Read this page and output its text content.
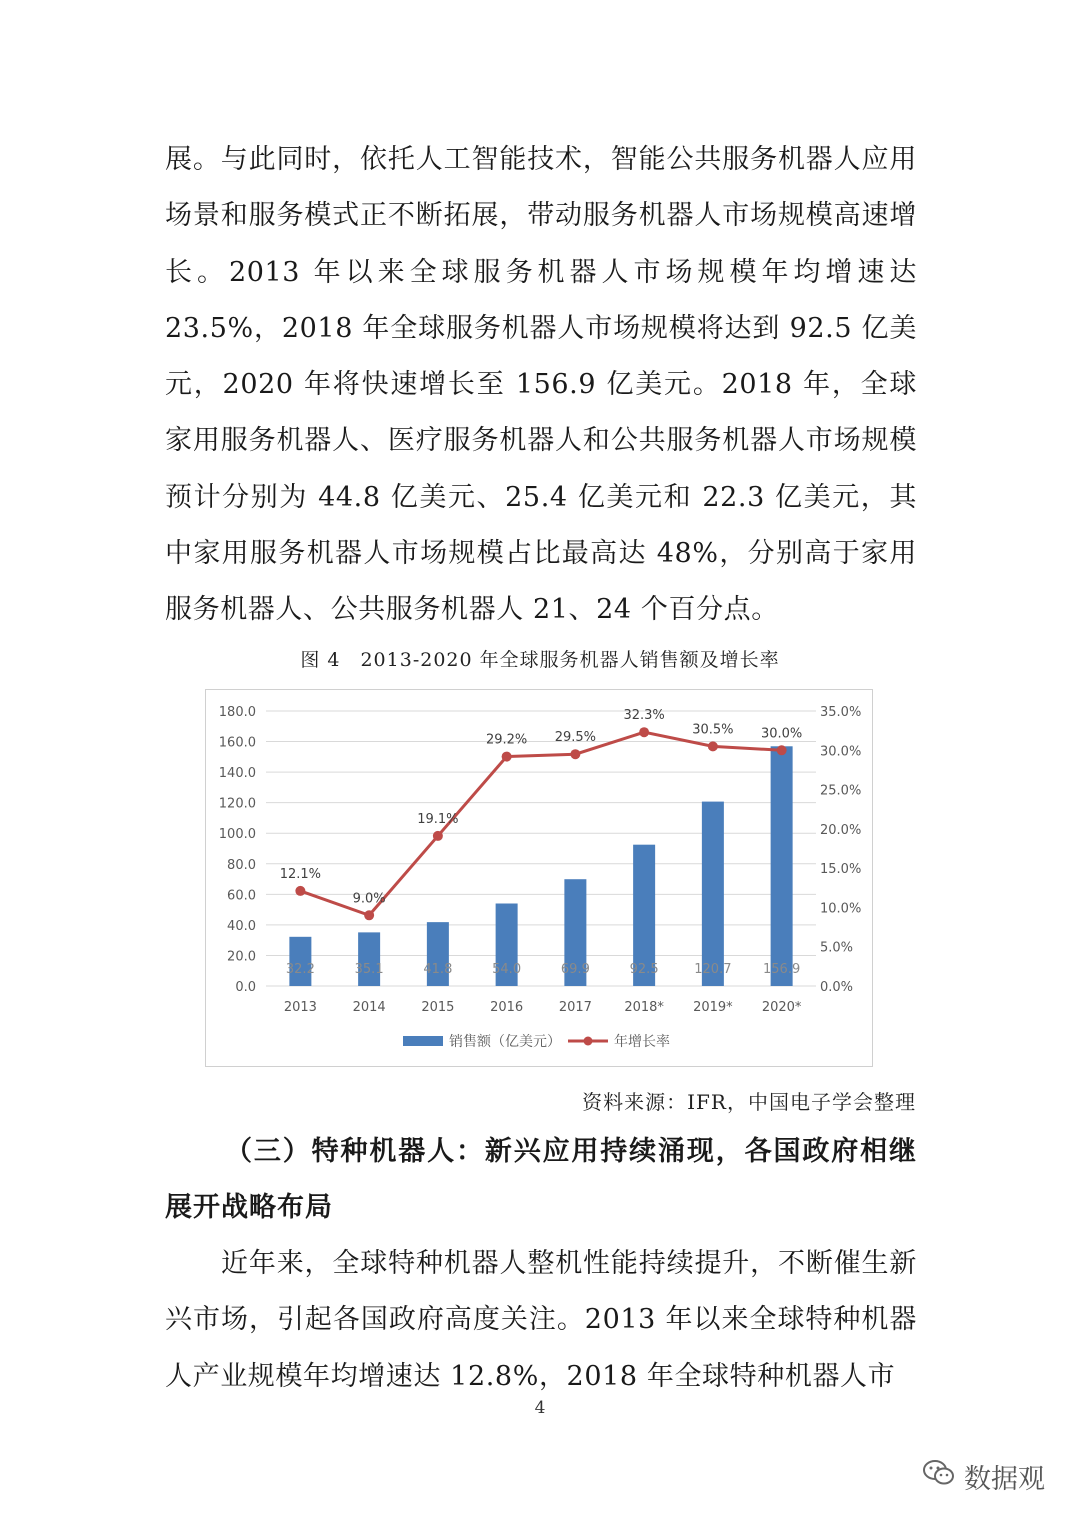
展。与此同时，依托人工智能技术，智能公共服务机器人应用场景和服务模式正不断拓展，带动服务机器人市场规模高速增长。2013 年以来全球服务机器人市场规模年均增速达23.5%，2018 年全球服务机器人市场规模将达到 92.5 亿美元，2020 年将快速增长至 156.9 亿美元。2018 年，全球家用服务机器人、医疗服务机器人和公共服务机器人市场规模预计分别为 44.8 亿美元、25.4 亿美元和 22.3 亿美元，其中家用服务机器人市场规模占比最高达 48%，分别高于家用服务机器人、公共服务机器人 21、24 个百分点。

图 4　2013-2020 年全球服务机器人销售额及增长率
0.0
20.0
40.0
60.0
80.0
100.0
120.0
140.0
160.0
180.0
0.0%
5.0%
10.0%
15.0%
20.0%
25.0%
30.0%
35.0%
32.2	35.1	41.8	54.0	69.9	92.5	120.7 156.9
2013	2014	2015	2016	2017 2018* 2019* 2020*
12.1%
9.0%
19.1%
29.2% 29.5%
32.3%
30.5% 30.0%
销售额（亿美元）	年增长率
资料来源：IFR，中国电子学会整理

（三）特种机器人：新兴应用持续涌现，各国政府相继展开战略布局

近年来，全球特种机器人整机性能持续提升，不断催生新兴市场，引起各国政府高度关注。2013 年以来全球特种机器人产业规模年均增速达 12.8%，2018 年全球特种机器人市

4
数据观
